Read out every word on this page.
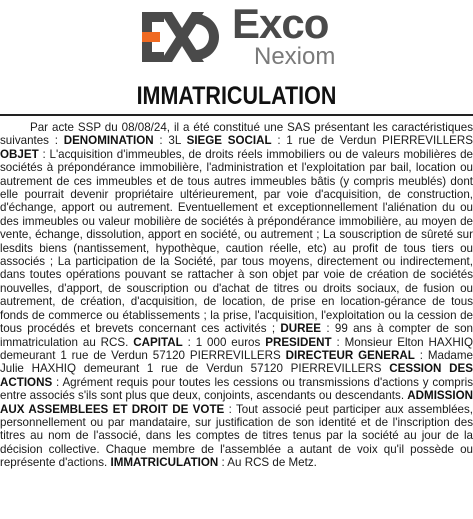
Exco
Nexiom
IMMATRICULATION

Par acte SSP du 08/08/24, il a été constitué une SAS présentant les caractéristiques suivantes : DENOMINATION : 3L SIEGE SOCIAL : 1 rue de Verdun PIERREVILLERS OBJET : L'acquisition d'immeubles, de droits réels immobiliers ou de valeurs mobilières de sociétés à prépondérance immobilière, l'administration et l'exploitation par bail, location ou autrement de ces immeubles et de tous autres immeubles bâtis (y compris meublés) dont elle pourrait devenir propriétaire ultérieurement, par voie d'acquisition, de construction, d'échange, apport ou autrement. Eventuellement et exceptionnellement l'aliénation du ou des immeubles ou valeur mobilière de sociétés à prépondérance immobilière, au moyen de vente, échange, dissolution, apport en société, ou autrement ; La souscription de sûreté sur lesdits biens (nantissement, hypothèque, caution réelle, etc) au profit de tous tiers ou associés ; La participation de la Société, par tous moyens, directement ou indirectement, dans toutes opérations pouvant se rattacher à son objet par voie de création de sociétés nouvelles, d'apport, de souscription ou d'achat de titres ou droits sociaux, de fusion ou autrement, de création, d'acquisition, de location, de prise en location-gérance de tous fonds de commerce ou établissements ; la prise, l'acquisition, l'exploitation ou la cession de tous procédés et brevets concernant ces activités ; DUREE : 99 ans à compter de son immatriculation au RCS. CAPITAL : 1 000 euros PRESIDENT : Monsieur Elton HAXHIQ demeurant 1 rue de Verdun 57120 PIERREVILLERS DIRECTEUR GENERAL : Madame Julie HAXHIQ demeurant 1 rue de Verdun 57120 PIERREVILLERS CESSION DES ACTIONS : Agrément requis pour toutes les cessions ou transmissions d'actions y compris entre associés s'ils sont plus que deux, conjoints, ascendants ou descendants. ADMISSION AUX ASSEMBLEES ET DROIT DE VOTE : Tout associé peut participer aux assemblées, personnellement ou par mandataire, sur justification de son identité et de l'inscription des titres au nom de l'associé, dans les comptes de titres tenus par la société au jour de la décision collective. Chaque membre de l'assemblée a autant de voix qu'il possède ou représente d'actions. IMMATRICULATION : Au RCS de Metz.
